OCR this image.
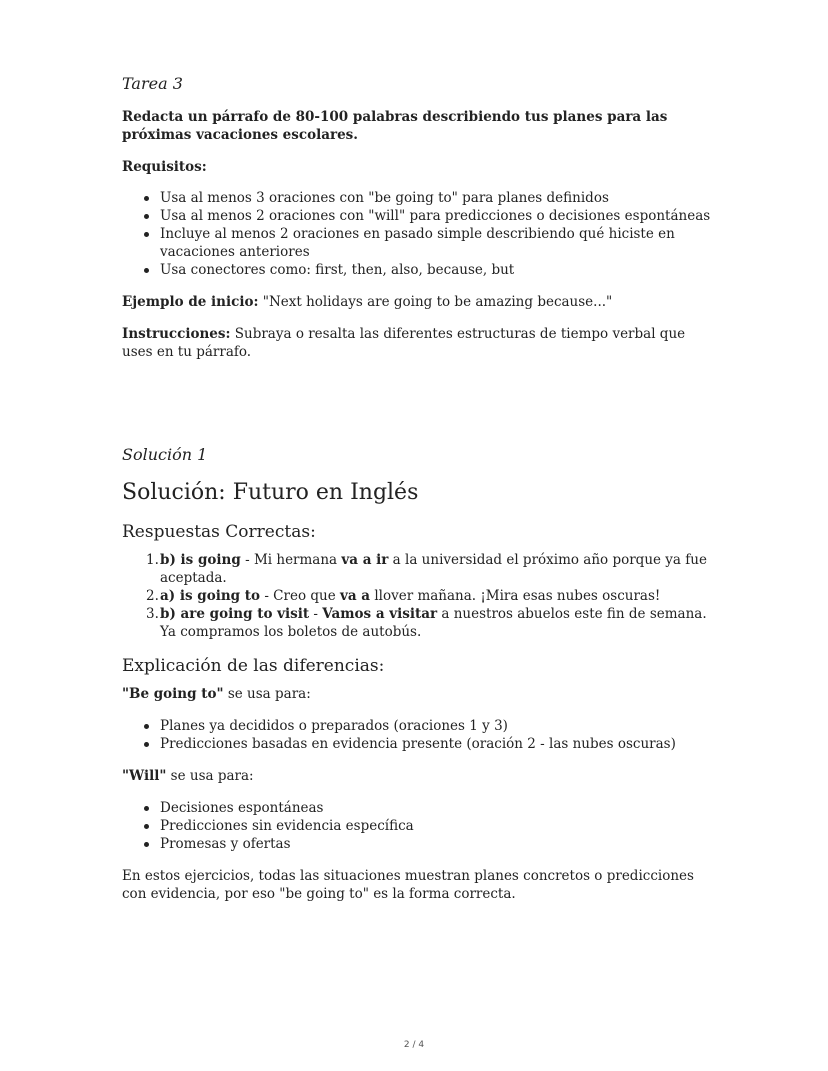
Tarea 3

Redacta un párrafo de 80-100 palabras describiendo tus planes para las próximas vacaciones escolares.

Requisitos:

Usa al menos 3 oraciones con "be going to" para planes definidos
Usa al menos 2 oraciones con "will" para predicciones o decisiones espontáneas
Incluye al menos 2 oraciones en pasado simple describiendo qué hiciste en vacaciones anteriores
Usa conectores como: first, then, also, because, but

Ejemplo de inicio: "Next holidays are going to be amazing because..."

Instrucciones: Subraya o resalta las diferentes estructuras de tiempo verbal que uses en tu párrafo.

Solución 1
Solución: Futuro en Inglés
Respuestas Correctas:
1. b) is going - Mi hermana va a ir a la universidad el próximo año porque ya fue aceptada.
2. a) is going to - Creo que va a llover mañana. ¡Mira esas nubes oscuras!
3. b) are going to visit - Vamos a visitar a nuestros abuelos este fin de semana. Ya compramos los boletos de autobús.
Explicación de las diferencias:

"Be going to" se usa para:

Planes ya decididos o preparados (oraciones 1 y 3)
Predicciones basadas en evidencia presente (oración 2 - las nubes oscuras)

"Will" se usa para:

Decisiones espontáneas
Predicciones sin evidencia específica
Promesas y ofertas

En estos ejercicios, todas las situaciones muestran planes concretos o predicciones con evidencia, por eso "be going to" es la forma correcta.

2 / 4
